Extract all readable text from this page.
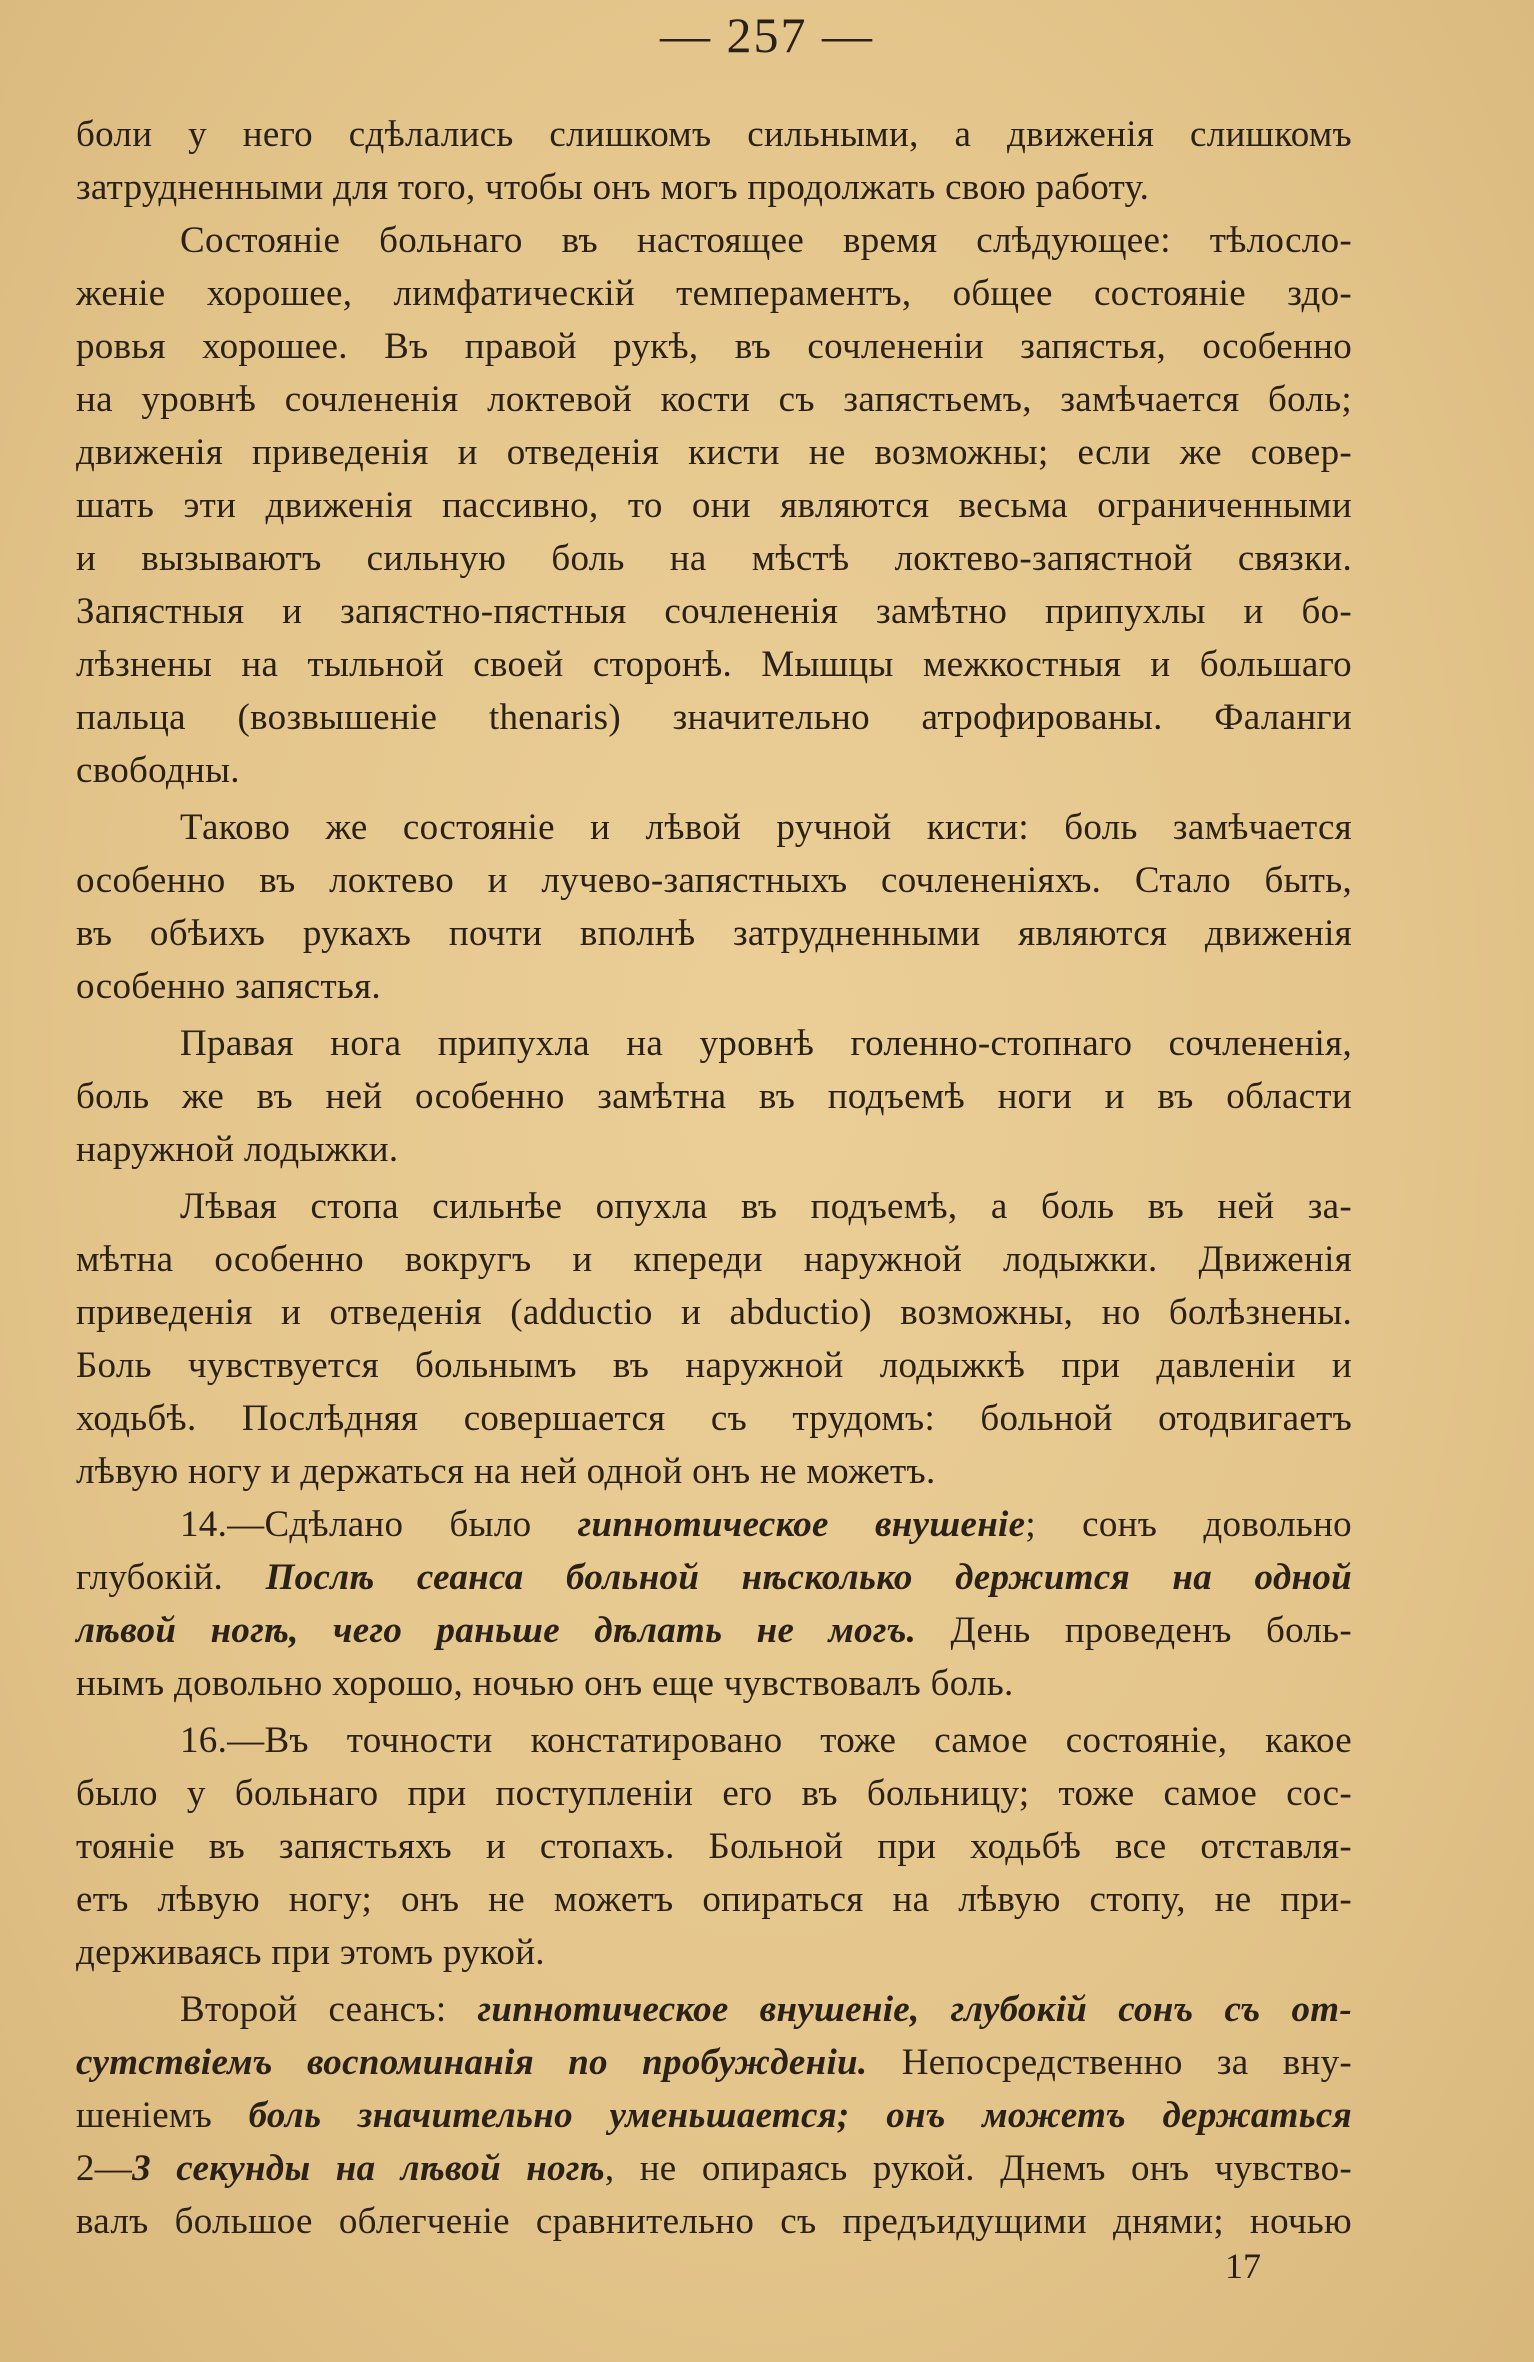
— 257 —
боли у него сдѣлались слишкомъ сильными, а движенія слишкомъ
затрудненными для того, чтобы онъ могъ продолжать свою работу.
Состояніе больнаго въ настоящее время слѣдующее: тѣлосло-
женіе хорошее, лимфатическій темпераментъ, общее состояніе здо-
ровья хорошее. Въ правой рукѣ, въ сочлененіи запястья, особенно
на уровнѣ сочлененія локтевой кости съ запястьемъ, замѣчается боль;
движенія приведенія и отведенія кисти не возможны; если же совер-
шать эти движенія пассивно, то они являются весьма ограниченными
и вызываютъ сильную боль на мѣстѣ локтево-запястной связки.
Запястныя и запястно-пястныя сочлененія замѣтно припухлы и бо-
лѣзнены на тыльной своей сторонѣ. Мышцы межкостныя и большаго
пальца (возвышеніе thenaris) значительно атрофированы. Фаланги
свободны.
Таково же состояніе и лѣвой ручной кисти: боль замѣчается
особенно въ локтево и лучево-запястныхъ сочлененіяхъ. Стало быть,
въ обѣихъ рукахъ почти вполнѣ затрудненными являются движенія
особенно запястья.
Правая нога припухла на уровнѣ голенно-стопнаго сочлененія,
боль же въ ней особенно замѣтна въ подъемѣ ноги и въ области
наружной лодыжки.
Лѣвая стопа сильнѣе опухла въ подъемѣ, а боль въ ней за-
мѣтна особенно вокругъ и кпереди наружной лодыжки. Движенія
приведенія и отведенія (adductio и abductio) возможны, но болѣзнены.
Боль чувствуется больнымъ въ наружной лодыжкѣ при давленіи и
ходьбѣ. Послѣдняя совершается съ трудомъ: больной отодвигаетъ
лѣвую ногу и держаться на ней одной онъ не можетъ.
14.—Сдѣлано было гипнотическое внушеніе; сонъ довольно
глубокій. Послѣ сеанса больной нѣсколько держится на одной
лѣвой ногѣ, чего раньше дѣлать не могъ. День проведенъ боль-
нымъ довольно хорошо, ночью онъ еще чувствовалъ боль.
16.—Въ точности констатировано тоже самое состояніе, какое
было у больнаго при поступленіи его въ больницу; тоже самое сос-
тояніе въ запястьяхъ и стопахъ. Больной при ходьбѣ все отставля-
етъ лѣвую ногу; онъ не можетъ опираться на лѣвую стопу, не при-
держиваясь при этомъ рукой.
Второй сеансъ: гипнотическое внушеніе, глубокій сонъ съ от-
сутствіемъ воспоминанія по пробужденіи. Непосредственно за вну-
шеніемъ боль значительно уменьшается; онъ можетъ держаться
2—3 секунды на лѣвой ногѣ, не опираясь рукой. Днемъ онъ чувство-
валъ большое облегченіе сравнительно съ предъидущими днями; ночью
17
